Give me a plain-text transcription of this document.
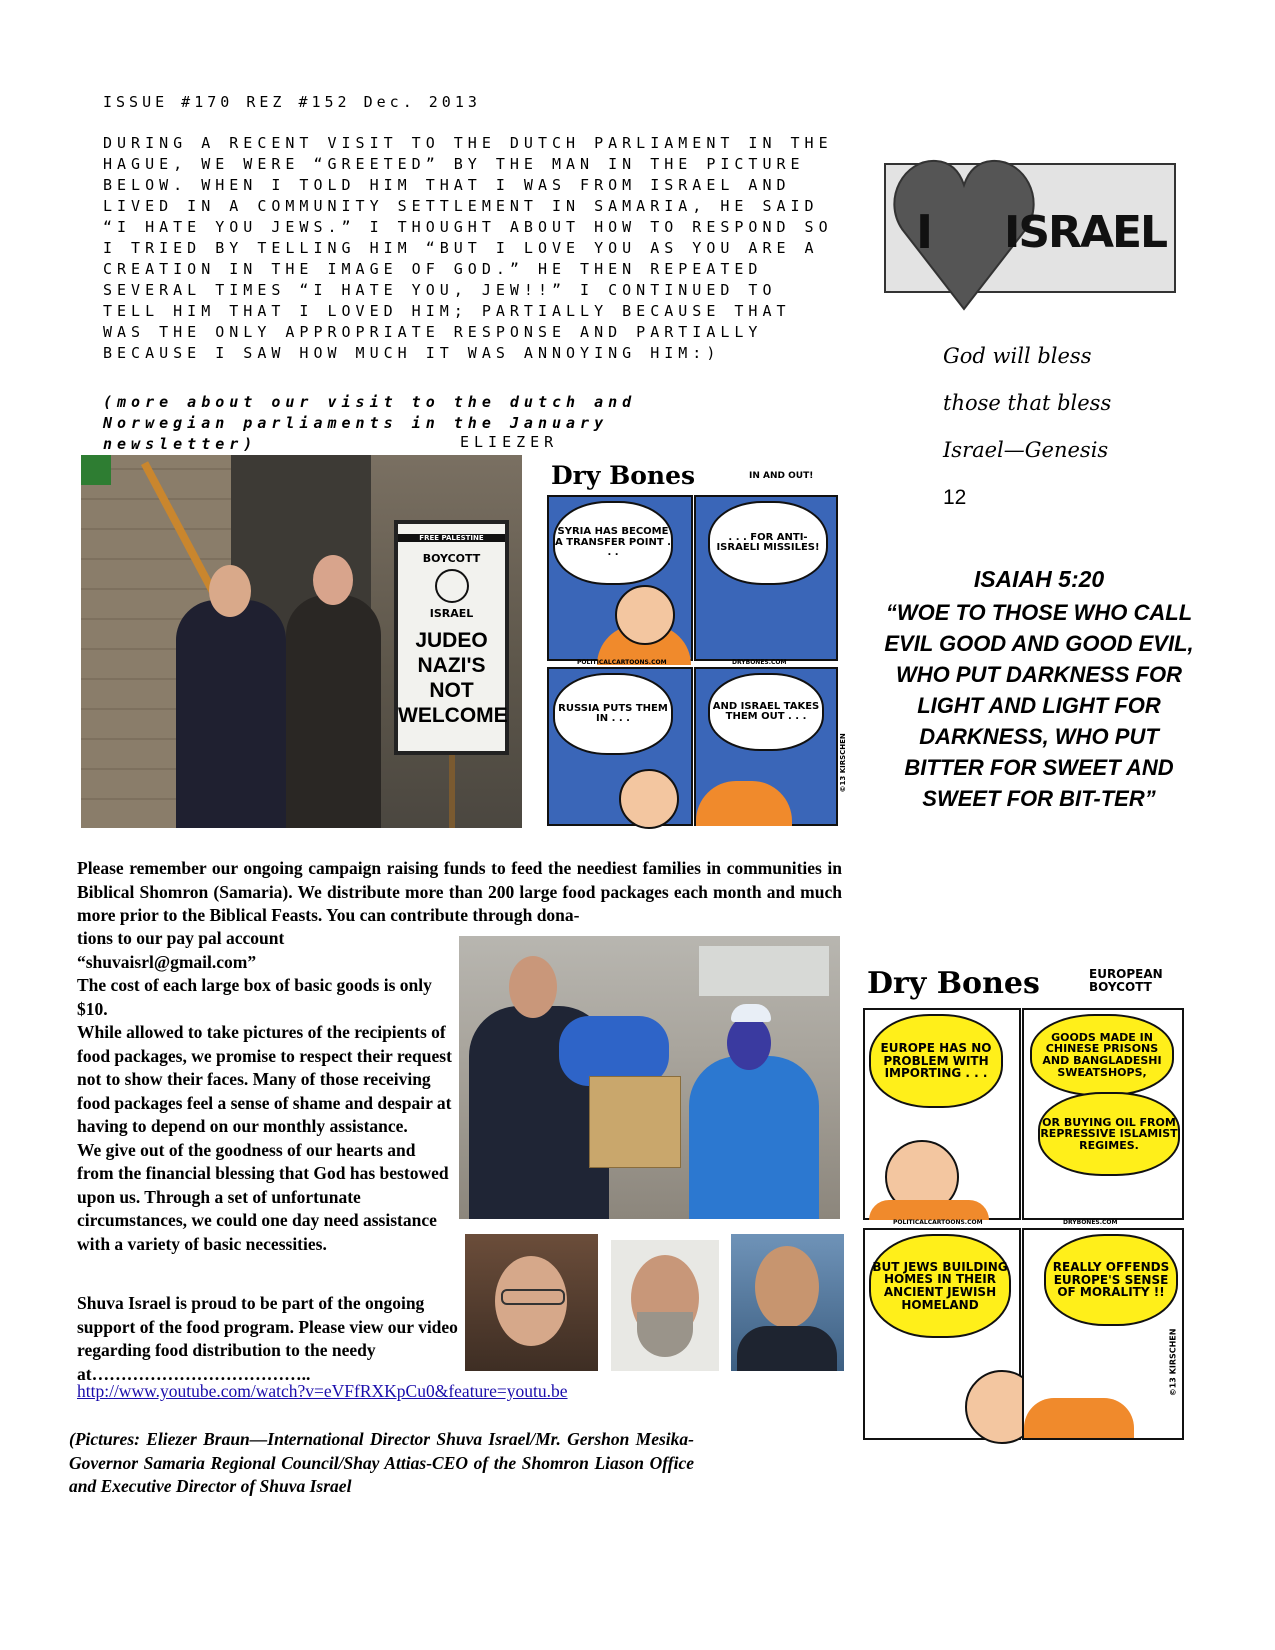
ISSUE #170 REZ #152 Dec. 2013
DURING A RECENT VISIT TO THE DUTCH PARLIAMENT IN THE HAGUE, WE WERE “GREETED” BY THE MAN IN THE PICTURE BELOW. WHEN I TOLD HIM THAT I WAS FROM ISRAEL AND LIVED IN A COMMUNITY SETTLEMENT IN SAMARIA, HE SAID “I HATE YOU JEWS.” I THOUGHT ABOUT HOW TO RESPOND SO I TRIED BY TELLING HIM “BUT I LOVE YOU AS YOU ARE A CREATION IN THE IMAGE OF GOD.” HE THEN REPEATED SEVERAL TIMES “I HATE YOU, JEW!!” I CONTINUED TO TELL HIM THAT I LOVED HIM; PARTIALLY BECAUSE THAT WAS THE ONLY APPROPRIATE RESPONSE AND PARTIALLY BECAUSE I SAW HOW MUCH IT WAS ANNOYING HIM:)
(more about our visit to the dutch and Norwegian parliaments in the January newsletter)	ELIEZER
FREE PALESTINE
BOYCOTT
ISRAEL
JUDEO NAZI'S NOT WELCOME
Dry Bones	IN AND OUT!
SYRIA HAS BECOME A TRANSFER POINT . . .
. . . FOR ANTI-ISRAELI MISSILES!
POLITICALCARTOONS.COM	DRYBONES.COM
RUSSIA PUTS THEM IN . . .
AND ISRAEL TAKES THEM OUT . . .
©13 KIRSCHEN
I ISRAEL
God will bless
those that bless
Israel—Genesis
12
ISAIAH 5:20
“WOE TO THOSE WHO CALL EVIL GOOD AND GOOD EVIL, WHO PUT DARKNESS FOR LIGHT AND LIGHT FOR DARKNESS, WHO PUT BITTER FOR SWEET AND SWEET FOR BIT-TER”
Please remember our ongoing campaign raising funds to feed the neediest families in communities in Biblical Shomron (Samaria). We distribute more than 200 large food packages each month and much more prior to the Biblical Feasts. You can contribute through dona-
tions to our pay pal account
“shuvaisrl@gmail.com”
The cost of each large box of basic goods is only $10.
While allowed to take pictures of the recipients of food packages, we promise to respect their request not to show their faces. Many of those receiving food packages feel a sense of shame and despair at having to depend on our monthly assistance.
We give out of the goodness of our hearts and from the financial blessing that God has bestowed upon us. Through a set of unfortunate circumstances, we could one day need assistance with a variety of basic necessities.
Shuva Israel is proud to be part of the ongoing support of the food program. Please view our video regarding food distribution to the needy at………………………………..
http://www.youtube.com/watch?v=eVFfRXKpCu0&feature=youtu.be
(Pictures: Eliezer Braun—International Director Shuva Israel/Mr. Gershon Mesika-Governor Samaria Regional Council/Shay Attias-CEO of the Shomron Liason Office and Executive Director of Shuva Israel
Dry Bones	EUROPEAN BOYCOTT
EUROPE HAS NO PROBLEM WITH IMPORTING . . .
GOODS MADE IN CHINESE PRISONS AND BANGLADESHI SWEATSHOPS,
OR BUYING OIL FROM REPRESSIVE ISLAMIST REGIMES.
POLITICALCARTOONS.COM	DRYBONES.COM
BUT JEWS BUILDING HOMES IN THEIR ANCIENT JEWISH HOMELAND
REALLY OFFENDS EUROPE'S SENSE OF MORALITY !!
©13 KIRSCHEN
